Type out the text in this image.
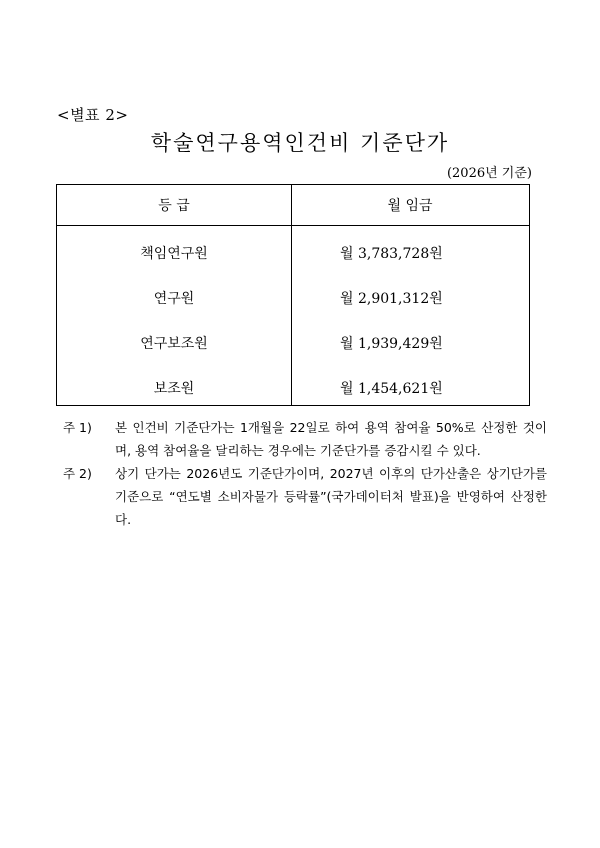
<별표 2>
학술연구용역인건비 기준단가
(2026년 기준)
등 급	월 임금
책임연구원	월 3,783,728원
연구원	월 2,901,312원
연구보조원	월 1,939,429원
보조원	월 1,454,621원
주 1)	본 인건비 기준단가는 1개월을 22일로 하여 용역 참여율 50%로 산정한 것이며, 용역 참여율을 달리하는 경우에는 기준단가를 증감시킬 수 있다.
주 2)	상기 단가는 2026년도 기준단가이며, 2027년 이후의 단가산출은 상기단가를 기준으로 “연도별 소비자물가 등락률”(국가데이터처 발표)을 반영하여 산정한다.
